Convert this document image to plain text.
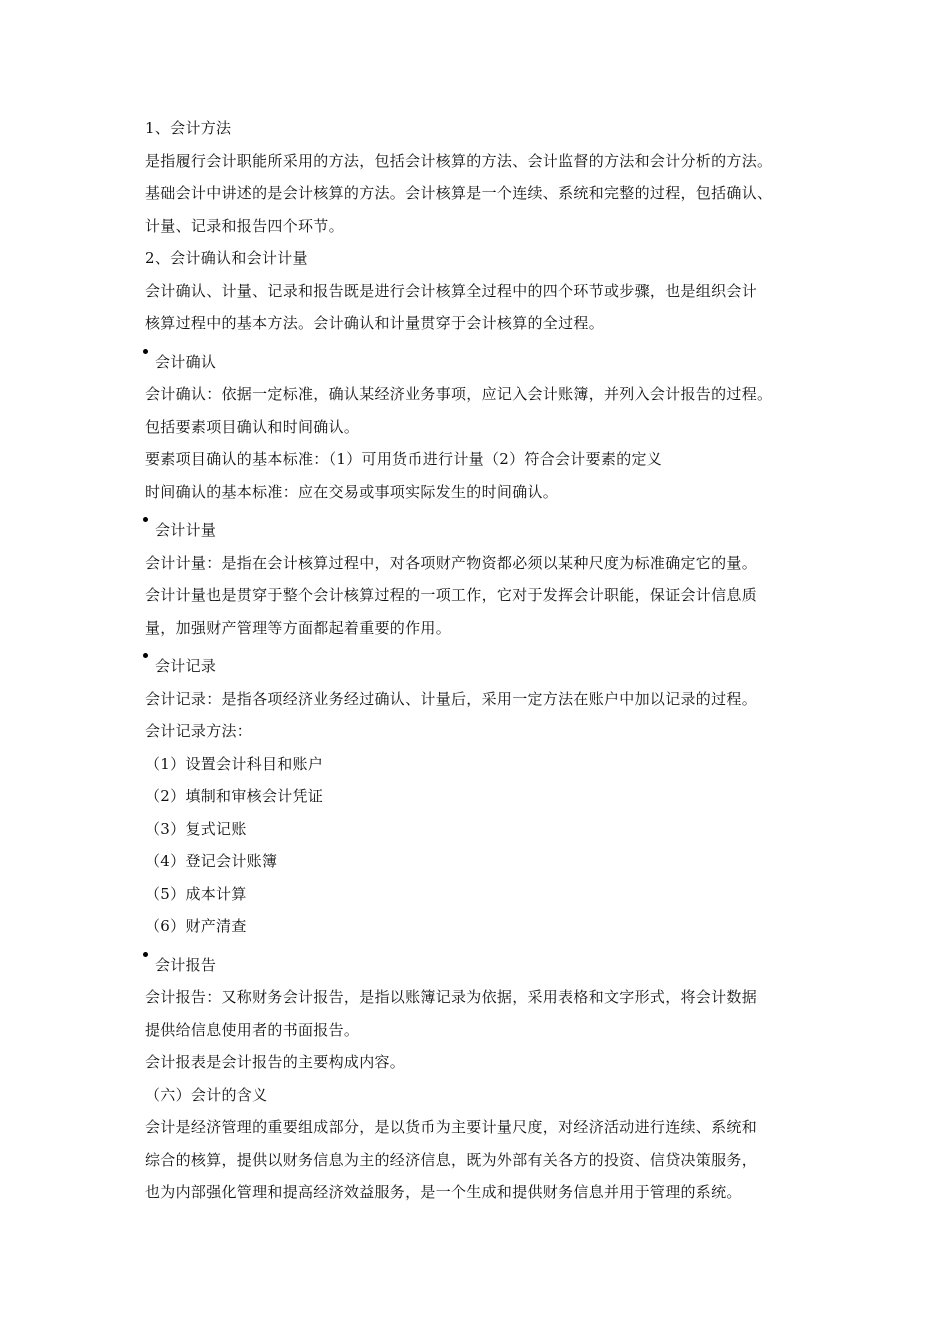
1、会计方法

是指履行会计职能所采用的方法，包括会计核算的方法、会计监督的方法和会计分析的方法。

基础会计中讲述的是会计核算的方法。会计核算是一个连续、系统和完整的过程，包括确认、

计量、记录和报告四个环节。

2、会计确认和会计计量

会计确认、计量、记录和报告既是进行会计核算全过程中的四个环节或步骤，也是组织会计

核算过程中的基本方法。会计确认和计量贯穿于会计核算的全过程。

会计确认

会计确认：依据一定标准，确认某经济业务事项，应记入会计账簿，并列入会计报告的过程。

包括要素项目确认和时间确认。

要素项目确认的基本标准：（1）可用货币进行计量（2）符合会计要素的定义

时间确认的基本标准：应在交易或事项实际发生的时间确认。

会计计量

会计计量：是指在会计核算过程中，对各项财产物资都必须以某种尺度为标准确定它的量。

会计计量也是贯穿于整个会计核算过程的一项工作，它对于发挥会计职能，保证会计信息质

量，加强财产管理等方面都起着重要的作用。

会计记录

会计记录：是指各项经济业务经过确认、计量后，采用一定方法在账户中加以记录的过程。

会计记录方法：

（1）设置会计科目和账户

（2）填制和审核会计凭证

（3）复式记账

（4）登记会计账簿

（5）成本计算

（6）财产清查

会计报告

会计报告：又称财务会计报告，是指以账簿记录为依据，采用表格和文字形式，将会计数据

提供给信息使用者的书面报告。

会计报表是会计报告的主要构成内容。

（六）会计的含义

会计是经济管理的重要组成部分，是以货币为主要计量尺度，对经济活动进行连续、系统和

综合的核算，提供以财务信息为主的经济信息，既为外部有关各方的投资、信贷决策服务，

也为内部强化管理和提高经济效益服务，是一个生成和提供财务信息并用于管理的系统。
